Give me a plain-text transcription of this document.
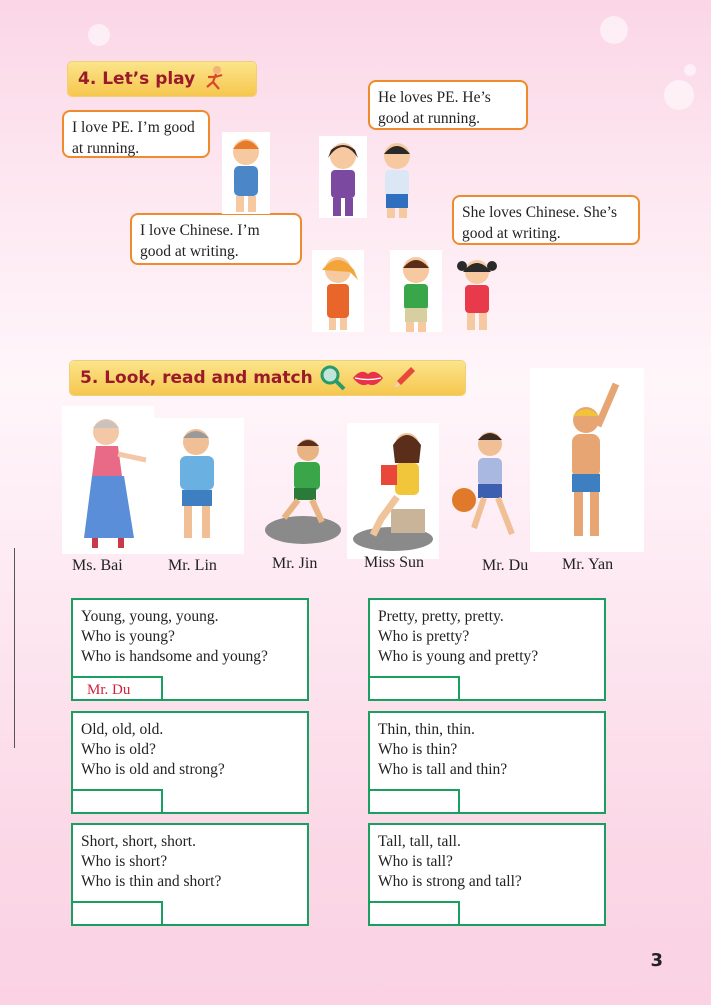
4. Let’s play
I love PE. I’m good at running.
He loves PE. He’s good at running.
I love Chinese. I’m good at writing.
She loves Chinese. She’s good at writing.
5. Look, read and match
Ms. Bai	Mr. Lin	Mr. Jin	Miss Sun	Mr. Du Mr. Yan
Young, young, young.
Who is young?
Who is handsome and young?
Mr. Du
Pretty, pretty, pretty.
Who is pretty?
Who is young and pretty?
Old, old, old.
Who is old?
Who is old and strong?
Thin, thin, thin.
Who is thin?
Who is tall and thin?
Short, short, short.
Who is short?
Who is thin and short?
Tall, tall, tall.
Who is tall?
Who is strong and tall?
3
